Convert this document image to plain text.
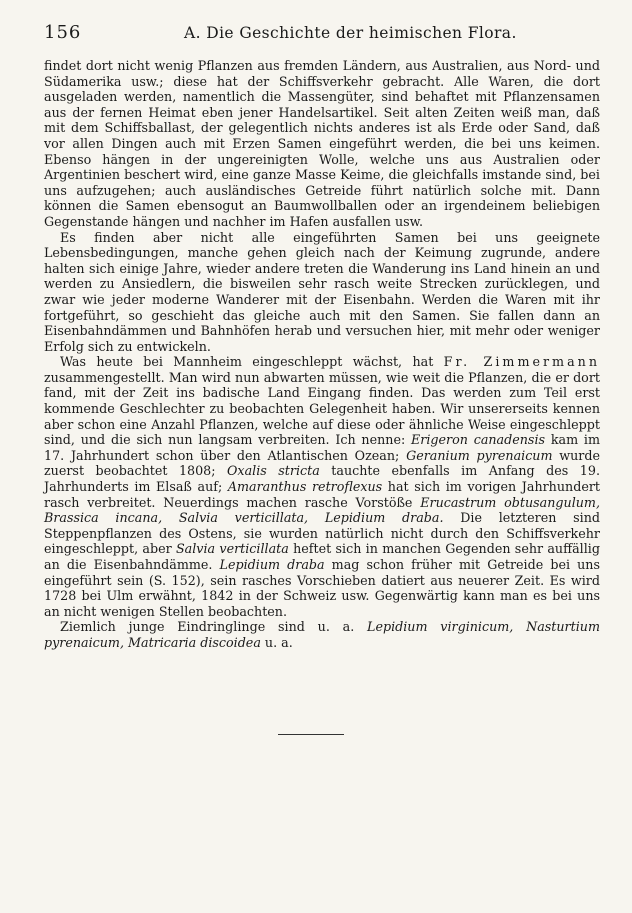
156	A. Die Geschichte der heimischen Flora.

findet dort nicht wenig Pflanzen aus fremden Ländern, aus Australien, aus Nord- und Südamerika usw.; diese hat der Schiffsverkehr gebracht. Alle Waren, die dort ausgeladen werden, namentlich die Massengüter, sind behaftet mit Pflanzensamen aus der fernen Heimat eben jener Handelsartikel. Seit alten Zeiten weiß man, daß mit dem Schiffsballast, der gelegentlich nichts anderes ist als Erde oder Sand, daß vor allen Dingen auch mit Erzen Samen eingeführt werden, die bei uns keimen. Ebenso hängen in der ungereinigten Wolle, welche uns aus Australien oder Argentinien beschert wird, eine ganze Masse Keime, die gleichfalls imstande sind, bei uns aufzugehen; auch ausländisches Getreide führt natürlich solche mit. Dann können die Samen ebensogut an Baumwollballen oder an irgendeinem beliebigen Gegenstande hängen und nachher im Hafen ausfallen usw.

Es finden aber nicht alle eingeführten Samen bei uns geeignete Lebensbedingungen, manche gehen gleich nach der Keimung zugrunde, andere halten sich einige Jahre, wieder andere treten die Wanderung ins Land hinein an und werden zu Ansiedlern, die bisweilen sehr rasch weite Strecken zurücklegen, und zwar wie jeder moderne Wanderer mit der Eisenbahn. Werden die Waren mit ihr fortgeführt, so geschieht das gleiche auch mit den Samen. Sie fallen dann an Eisenbahndämmen und Bahnhöfen herab und versuchen hier, mit mehr oder weniger Erfolg sich zu entwickeln.

Was heute bei Mannheim eingeschleppt wächst, hat Fr. Zimmermann zusammengestellt. Man wird nun abwarten müssen, wie weit die Pflanzen, die er dort fand, mit der Zeit ins badische Land Eingang finden. Das werden zum Teil erst kommende Geschlechter zu beobachten Gelegenheit haben. Wir unsererseits kennen aber schon eine Anzahl Pflanzen, welche auf diese oder ähnliche Weise eingeschleppt sind, und die sich nun langsam verbreiten. Ich nenne: Erigeron canadensis kam im 17. Jahrhundert schon über den Atlantischen Ozean; Geranium pyrenaicum wurde zuerst beobachtet 1808; Oxalis stricta tauchte ebenfalls im Anfang des 19. Jahrhunderts im Elsaß auf; Amaranthus retroflexus hat sich im vorigen Jahrhundert rasch verbreitet. Neuerdings machen rasche Vorstöße Erucastrum obtusangulum, Brassica incana, Salvia verticillata, Lepidium draba. Die letzteren sind Steppenpflanzen des Ostens, sie wurden natürlich nicht durch den Schiffsverkehr eingeschleppt, aber Salvia verticillata heftet sich in manchen Gegenden sehr auffällig an die Eisenbahndämme. Lepidium draba mag schon früher mit Getreide bei uns eingeführt sein (S. 152), sein rasches Vorschieben datiert aus neuerer Zeit. Es wird 1728 bei Ulm erwähnt, 1842 in der Schweiz usw. Gegenwärtig kann man es bei uns an nicht wenigen Stellen beobachten.

Ziemlich junge Eindringlinge sind u. a. Lepidium virginicum, Nasturtium pyrenaicum, Matricaria discoidea u. a.
